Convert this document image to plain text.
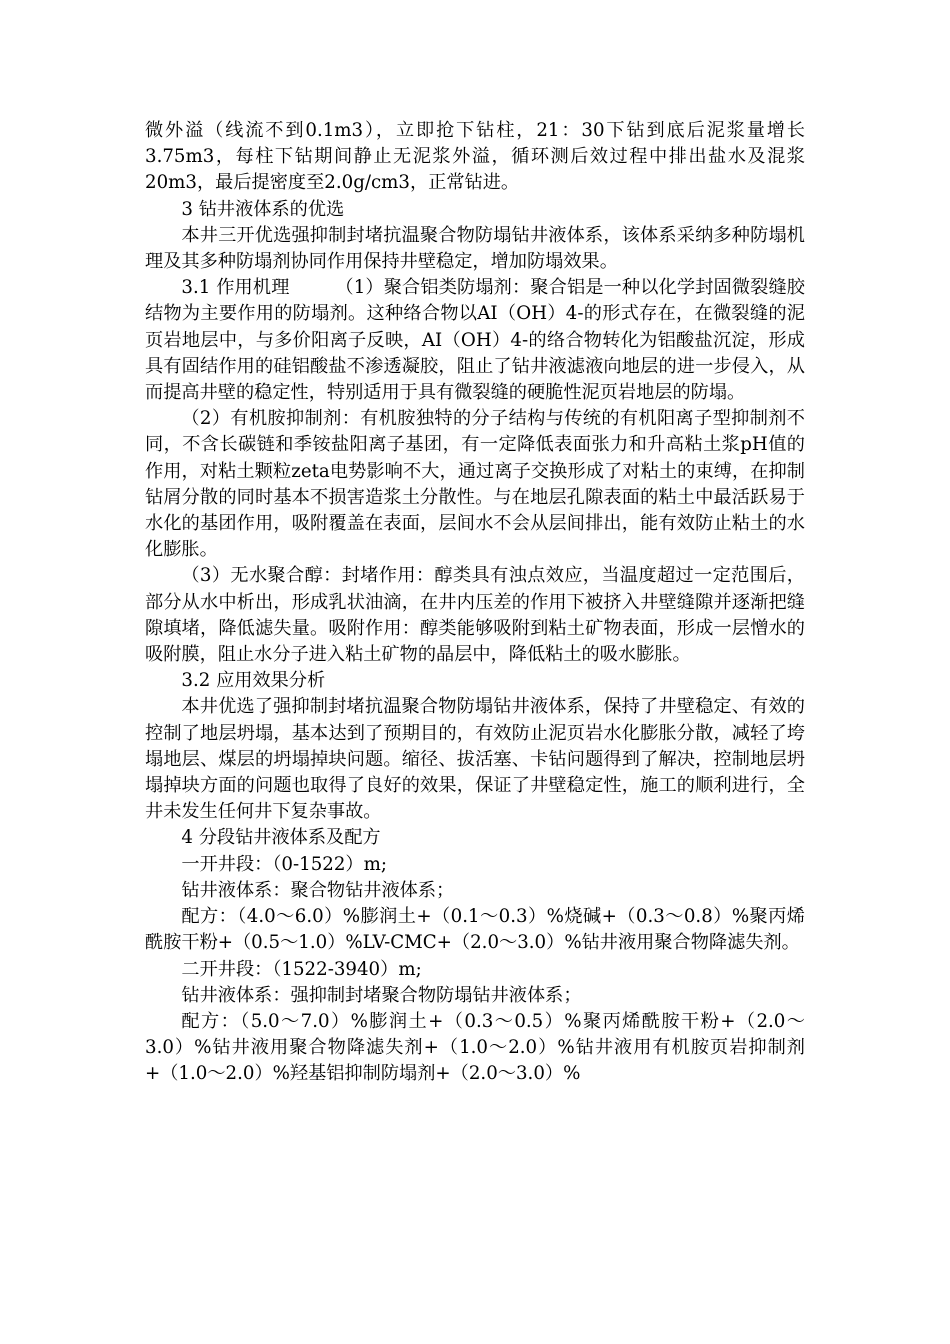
微外溢（线流不到0.1m3），立即抢下钻柱，21：30下钻到底后泥浆量增长3.75m3，每柱下钻期间静止无泥浆外溢，循环测后效过程中排出盐水及混浆20m3，最后提密度至2.0g/cm3，正常钻进。

3 钻井液体系的优选

本井三开优选强抑制封堵抗温聚合物防塌钻井液体系，该体系采纳多种防塌机理及其多种防塌剂协同作用保持井壁稳定，增加防塌效果。

3.1 作用机理　　　（1）聚合铝类防塌剂：聚合铝是一种以化学封固微裂缝胶结物为主要作用的防塌剂。这种络合物以AI（OH）4-的形式存在，在微裂缝的泥页岩地层中，与多价阳离子反映，AI（OH）4-的络合物转化为铝酸盐沉淀，形成具有固结作用的硅铝酸盐不渗透凝胶，阻止了钻井液滤液向地层的进一步侵入，从而提高井壁的稳定性，特别适用于具有微裂缝的硬脆性泥页岩地层的防塌。

（2）有机胺抑制剂：有机胺独特的分子结构与传统的有机阳离子型抑制剂不同，不含长碳链和季铵盐阳离子基团，有一定降低表面张力和升高粘土浆pH值的作用，对粘土颗粒zeta电势影响不大，通过离子交换形成了对粘土的束缚，在抑制钻屑分散的同时基本不损害造浆土分散性。与在地层孔隙表面的粘土中最活跃易于水化的基团作用，吸附覆盖在表面，层间水不会从层间排出，能有效防止粘土的水化膨胀。

（3）无水聚合醇：封堵作用：醇类具有浊点效应，当温度超过一定范围后，部分从水中析出，形成乳状油滴，在井内压差的作用下被挤入井壁缝隙并逐渐把缝隙填堵，降低滤失量。吸附作用：醇类能够吸附到粘土矿物表面，形成一层憎水的吸附膜，阻止水分子进入粘土矿物的晶层中，降低粘土的吸水膨胀。

3.2 应用效果分析

本井优选了强抑制封堵抗温聚合物防塌钻井液体系，保持了井壁稳定、有效的控制了地层坍塌，基本达到了预期目的，有效防止泥页岩水化膨胀分散，减轻了垮塌地层、煤层的坍塌掉块问题。缩径、拔活塞、卡钻问题得到了解决，控制地层坍塌掉块方面的问题也取得了良好的效果，保证了井壁稳定性，施工的顺利进行，全井未发生任何井下复杂事故。

4 分段钻井液体系及配方

一开井段：（0-1522）m;

钻井液体系：聚合物钻井液体系；

配方：（4.0～6.0）%膨润土+（0.1～0.3）%烧碱+（0.3～0.8）%聚丙烯酰胺干粉+（0.5～1.0）%LV-CMC+（2.0～3.0）%钻井液用聚合物降滤失剂。

二开井段：（1522-3940）m;

钻井液体系：强抑制封堵聚合物防塌钻井液体系；

配方：（5.0～7.0）%膨润土+（0.3～0.5）%聚丙烯酰胺干粉+（2.0～3.0）%钻井液用聚合物降滤失剂+（1.0～2.0）%钻井液用有机胺页岩抑制剂+（1.0～2.0）%羟基铝抑制防塌剂+（2.0～3.0）%
